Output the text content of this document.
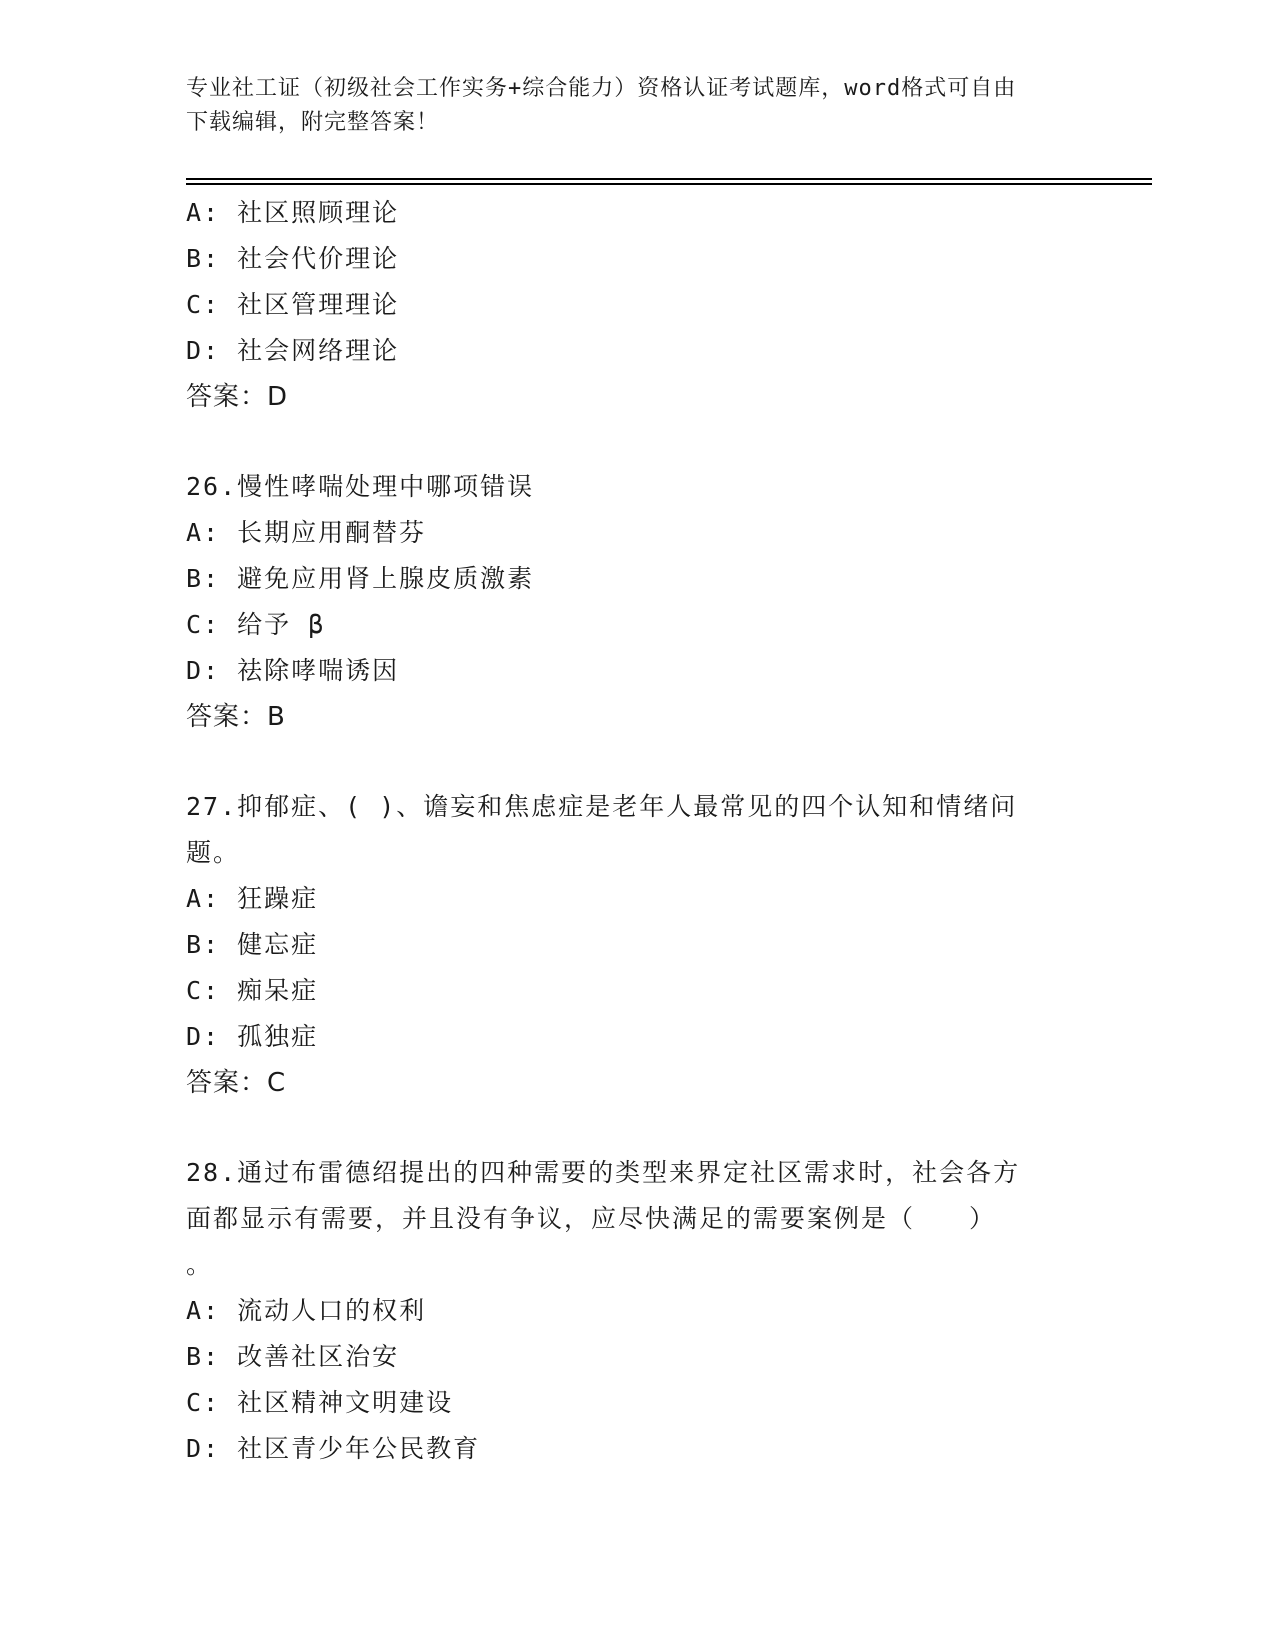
专业社工证（初级社会工作实务+综合能力）资格认证考试题库，word格式可自由
下载编辑，附完整答案！
A: 社区照顾理论
B: 社会代价理论
C: 社区管理理论
D: 社会网络理论
答案：D
26.慢性哮喘处理中哪项错误
A: 长期应用酮替芬
B: 避免应用肾上腺皮质激素
C: 给予 β
D: 祛除哮喘诱因
答案：B
27.抑郁症、( )、谵妄和焦虑症是老年人最常见的四个认知和情绪问
题。
A: 狂躁症
B: 健忘症
C: 痴呆症
D: 孤独症
答案：C
28.通过布雷德绍提出的四种需要的类型来界定社区需求时，社会各方
面都显示有需要，并且没有争议，应尽快满足的需要案例是（　　）
。
A: 流动人口的权利
B: 改善社区治安
C: 社区精神文明建设
D: 社区青少年公民教育
